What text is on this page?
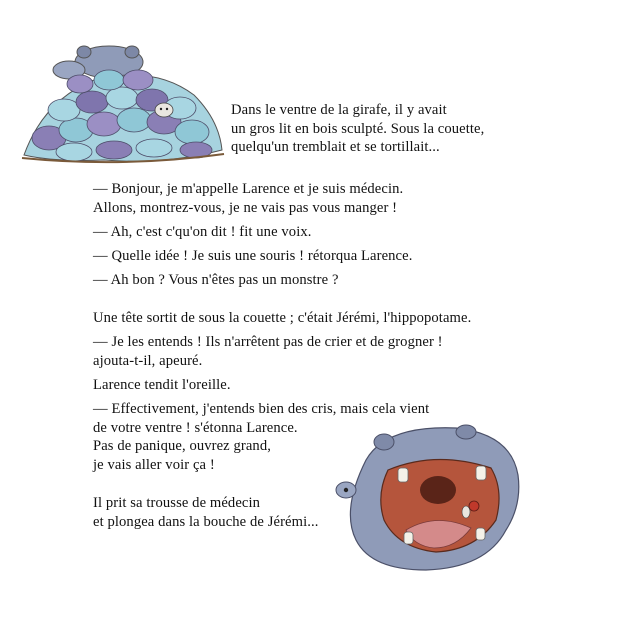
Dans le ventre de la girafe, il y avait
un gros lit en bois sculpté. Sous la couette,
quelqu'un tremblait et se tortillait...
— Bonjour, je m'appelle Larence et je suis médecin.
Allons, montrez-vous, je ne vais pas vous manger !
— Ah, c'est c'qu'on dit ! fit une voix.
— Quelle idée ! Je suis une souris ! rétorqua Larence.
— Ah bon ? Vous n'êtes pas un monstre ?
Une tête sortit de sous la couette ; c'était Jérémi, l'hippopotame.
— Je les entends ! Ils n'arrêtent pas de crier et de grogner !
ajouta-t-il, apeuré.
Larence tendit l'oreille.
— Effectivement, j'entends bien des cris, mais cela vient
de votre ventre ! s'étonna Larence.
Pas de panique, ouvrez grand,
je vais aller voir ça !
Il prit sa trousse de médecin
et plongea dans la bouche de Jérémi...
